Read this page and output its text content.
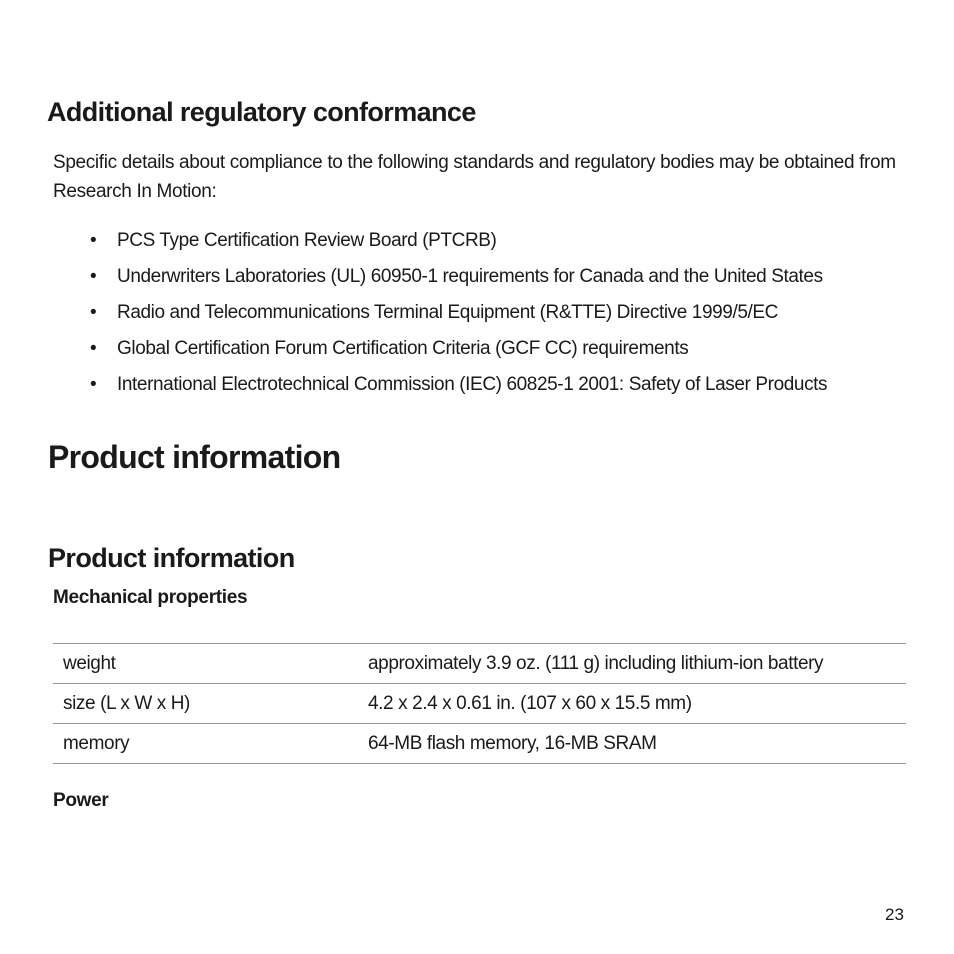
Additional regulatory conformance

Specific details about compliance to the following standards and regulatory bodies may be obtained from Research In Motion:

•	PCS Type Certification Review Board (PTCRB)
•	Underwriters Laboratories (UL) 60950-1 requirements for Canada and the United States
•	Radio and Telecommunications Terminal Equipment (R&TTE) Directive 1999/5/EC
•	Global Certification Forum Certification Criteria (GCF CC) requirements
•	International Electrotechnical Commission (IEC) 60825-1 2001: Safety of Laser Products
Product information
Product information
Mechanical properties
weight	approximately 3.9 oz. (111 g) including lithium-ion battery
size (L x W x H)	4.2 x 2.4 x 0.61 in. (107 x 60 x 15.5 mm)
memory	64-MB flash memory, 16-MB SRAM
Power
23
